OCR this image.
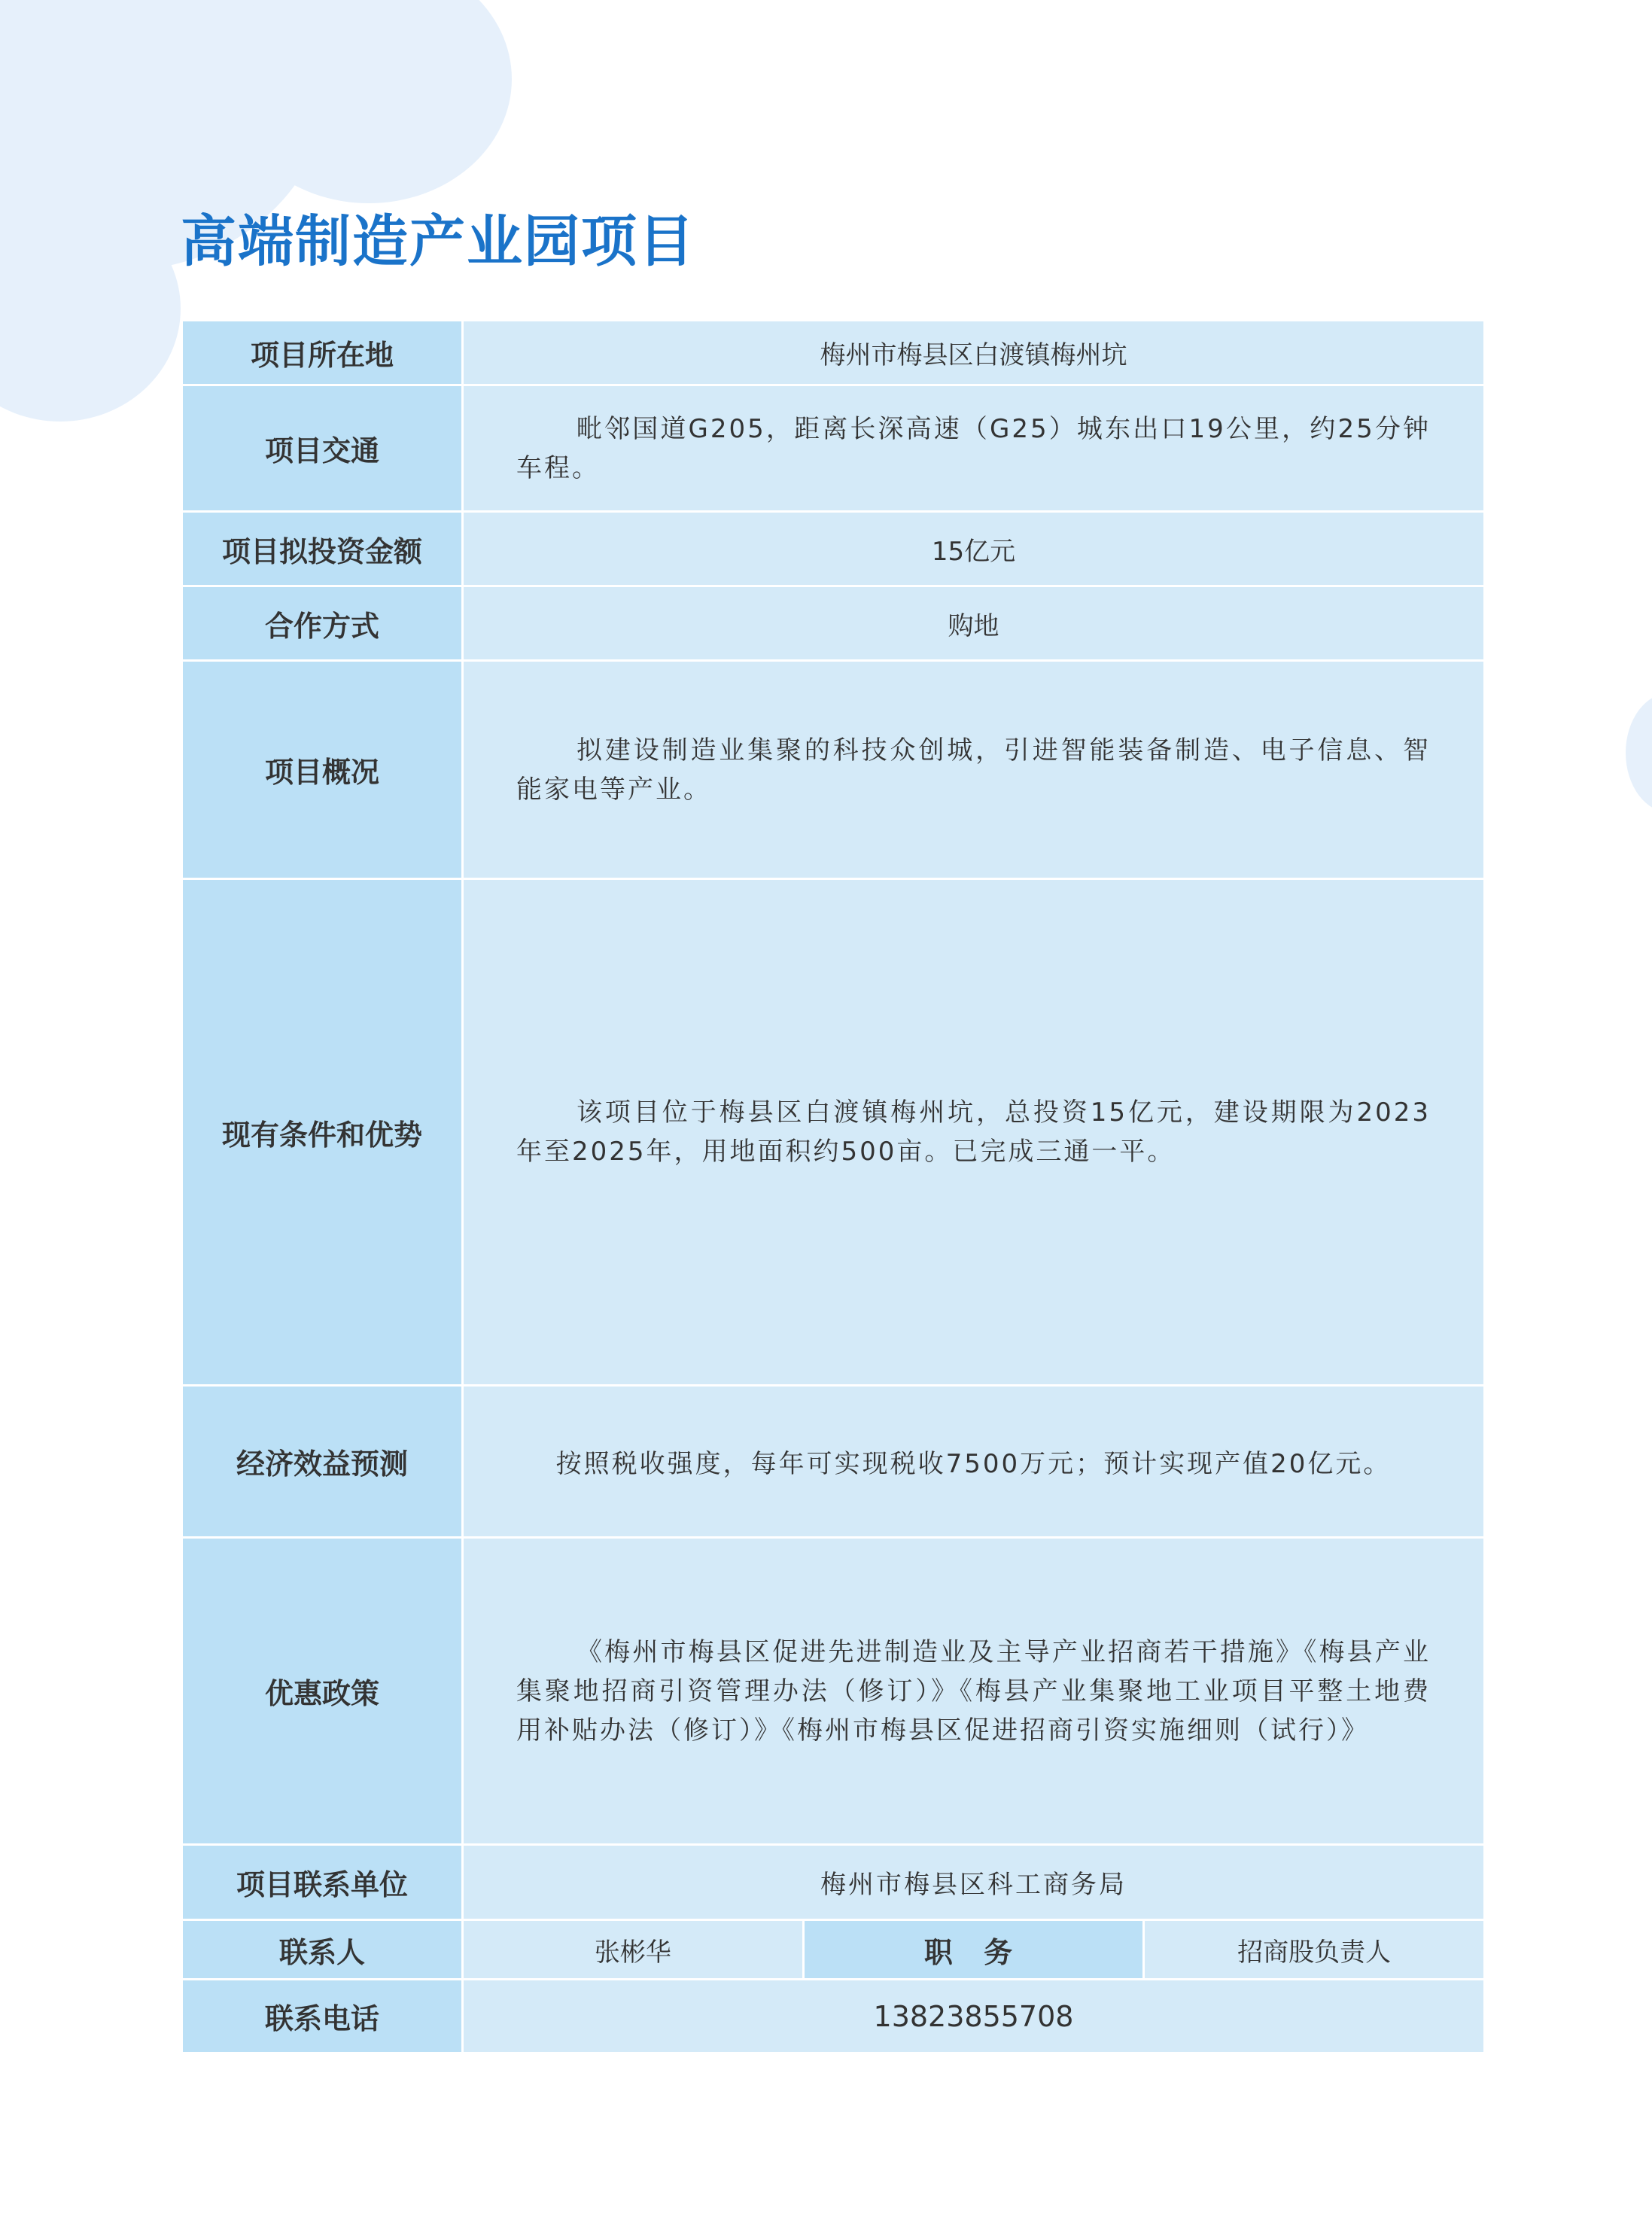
高端制造产业园项目
项目所在地	梅州市梅县区白渡镇梅州坑		
项目交通	毗邻国道G205，距离长深高速（G25）城东出口19公里，约25分钟车程。		

项目拟投资金额	15亿元		
合作方式	购地		
项目概况	拟建设制造业集聚的科技众创城，引进智能装备制造、电子信息、智能家电等产业。		

现有条件和优势	该项目位于梅县区白渡镇梅州坑，总投资15亿元，建设期限为2023年至2025年，用地面积约500亩。已完成三通一平。		

经济效益预测	按照税收强度，每年可实现税收7500万元；预计实现产值20亿元。		
优惠政策	《梅州市梅县区促进先进制造业及主导产业招商若干措施》《梅县产业集聚地招商引资管理办法（修订）》《梅县产业集聚地工业项目平整土地费用补贴办法（修订）》《梅州市梅县区促进招商引资实施细则（试行）》		

项目联系单位	梅州市梅县区科工商务局		
联系人	张彬华	职 务	招商股负责人
联系电话	13823855708		
